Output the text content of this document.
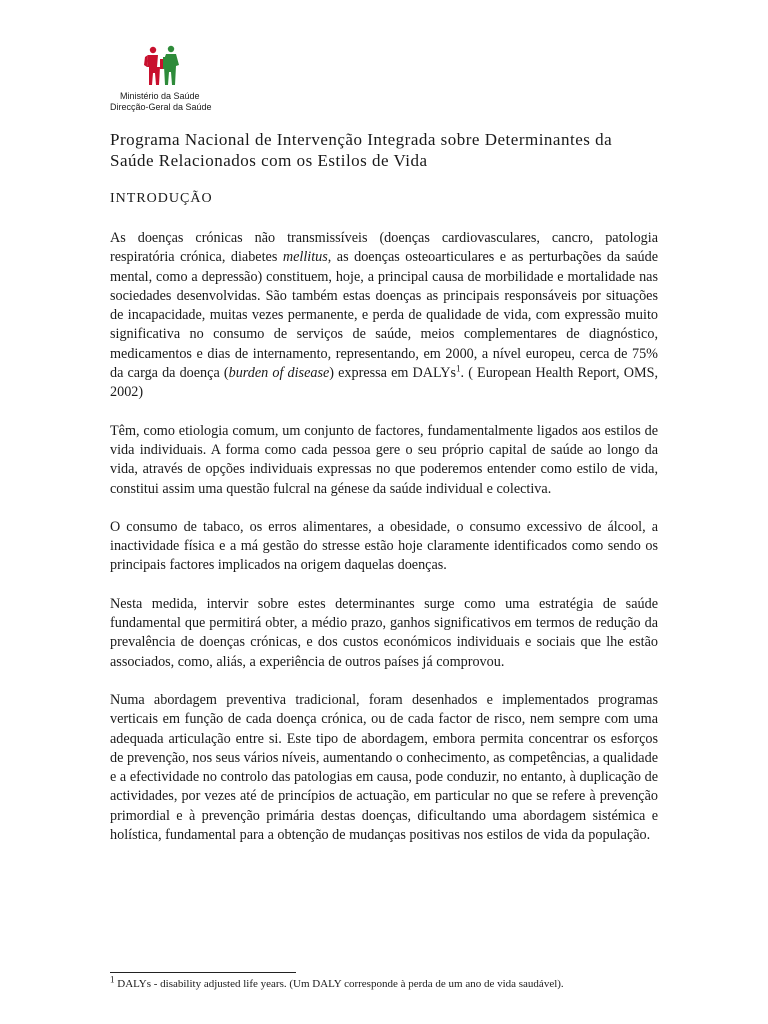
Ministério da Saúde
Direcção-Geral da Saúde
Programa Nacional de Intervenção Integrada sobre Determinantes da Saúde Relacionados com os Estilos de Vida
INTRODUÇÃO

As doenças crónicas não transmissíveis (doenças cardiovasculares, cancro, patologia respiratória crónica, diabetes mellitus, as doenças osteoarticulares e as perturbações da saúde mental, como a depressão) constituem, hoje, a principal causa de morbilidade e mortalidade nas sociedades desenvolvidas. São também estas doenças as principais responsáveis por situações de incapacidade, muitas vezes permanente, e perda de qualidade de vida, com expressão muito significativa no consumo de serviços de saúde, meios complementares de diagnóstico, medicamentos e dias de internamento, representando, em 2000, a nível europeu, cerca de 75% da carga da doença (burden of disease) expressa em DALYs$^1$. ( European Health Report, OMS, 2002)

Têm, como etiologia comum, um conjunto de factores, fundamentalmente ligados aos estilos de vida individuais. A forma como cada pessoa gere o seu próprio capital de saúde ao longo da vida, através de opções individuais expressas no que poderemos entender como estilo de vida, constitui assim uma questão fulcral na génese da saúde individual e colectiva.

O consumo de tabaco, os erros alimentares, a obesidade, o consumo excessivo de álcool, a inactividade física e a má gestão do stresse estão hoje claramente identificados como sendo os principais factores implicados na origem daquelas doenças.

Nesta medida, intervir sobre estes determinantes surge como uma estratégia de saúde fundamental que permitirá obter, a médio prazo, ganhos significativos em termos de redução da prevalência de doenças crónicas, e dos custos económicos individuais e sociais que lhe estão associados, como, aliás, a experiência de outros países já comprovou.

Numa abordagem preventiva tradicional, foram desenhados e implementados programas verticais em função de cada doença crónica, ou de cada factor de risco, nem sempre com uma adequada articulação entre si. Este tipo de abordagem, embora permita concentrar os esforços de prevenção, nos seus vários níveis, aumentando o conhecimento, as competências, a qualidade e a efectividade no controlo das patologias em causa, pode conduzir, no entanto, à duplicação de actividades, por vezes até de princípios de actuação, em particular no que se refere à prevenção primordial e à prevenção primária destas doenças, dificultando uma abordagem sistémica e holística, fundamental para a obtenção de mudanças positivas nos estilos de vida da população.

$^1$ DALYs - disability adjusted life years. (Um DALY corresponde à perda de um ano de vida saudável).
